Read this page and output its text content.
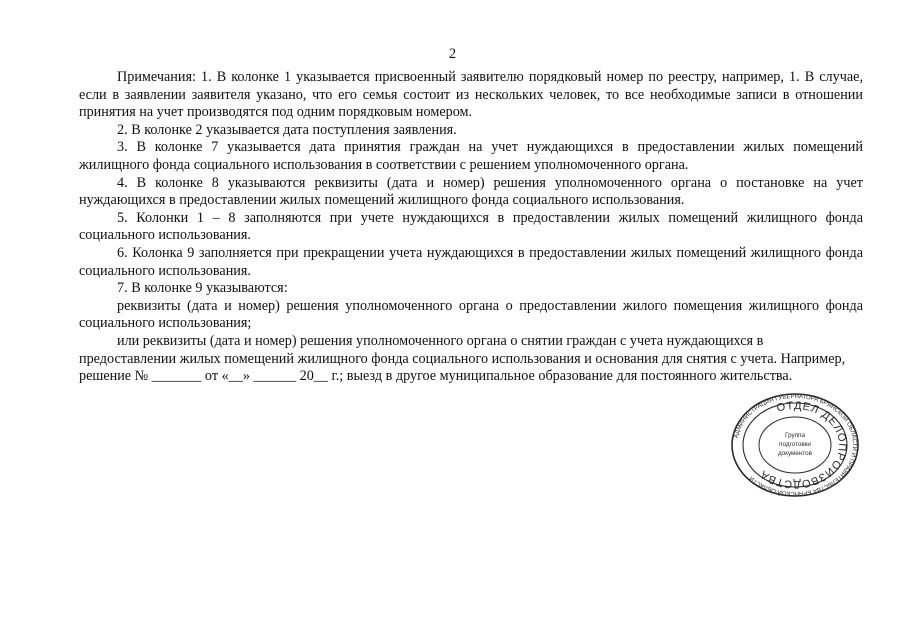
2

Примечания: 1. В колонке 1 указывается присвоенный заявителю порядковый номер по реестру, например, 1. В случае, если в заявлении заявителя указано, что его семья состоит из нескольких человек, то все необходимые записи в отношении принятия на учет производятся под одним порядковым номером.

2. В колонке 2 указывается дата поступления заявления.

3. В колонке 7 указывается дата принятия граждан на учет нуждающихся в предоставлении жилых помещений жилищного фонда социального использования в соответствии с решением уполномоченного органа.

4. В колонке 8 указываются реквизиты (дата и номер) решения уполномоченного органа о постановке на учет нуждающихся в предоставлении жилых помещений жилищного фонда социального использования.

5. Колонки 1 – 8 заполняются при учете нуждающихся в предоставлении жилых помещений жилищного фонда социального использования.

6. Колонка 9 заполняется при прекращении учета нуждающихся в предоставлении жилых помещений жилищного фонда социального использования.

7. В колонке 9 указываются:

реквизиты (дата и номер) решения уполномоченного органа о предоставлении жилого помещения жилищного фонда социального использования;

или реквизиты (дата и номер) решения уполномоченного органа о снятии граждан с учета нуждающихся в предоставлении жилых помещений жилищного фонда социального использования и основания для снятия с учета. Например, решение № _______ от «__» ______ 20__ г.; выезд в другое муниципальное образование для постоянного жительства.

АДМИНИСТРАЦИЯ ГУБЕРНАТОРА БРЯНСКОЙ ОБЛАСТИ И ПРАВИТЕЛЬСТВА БРЯНСКОЙ ОБЛАСТИ
ОТДЕЛ ДЕЛОПРОИЗВОДСТВА
Группа
подготовки
документов
